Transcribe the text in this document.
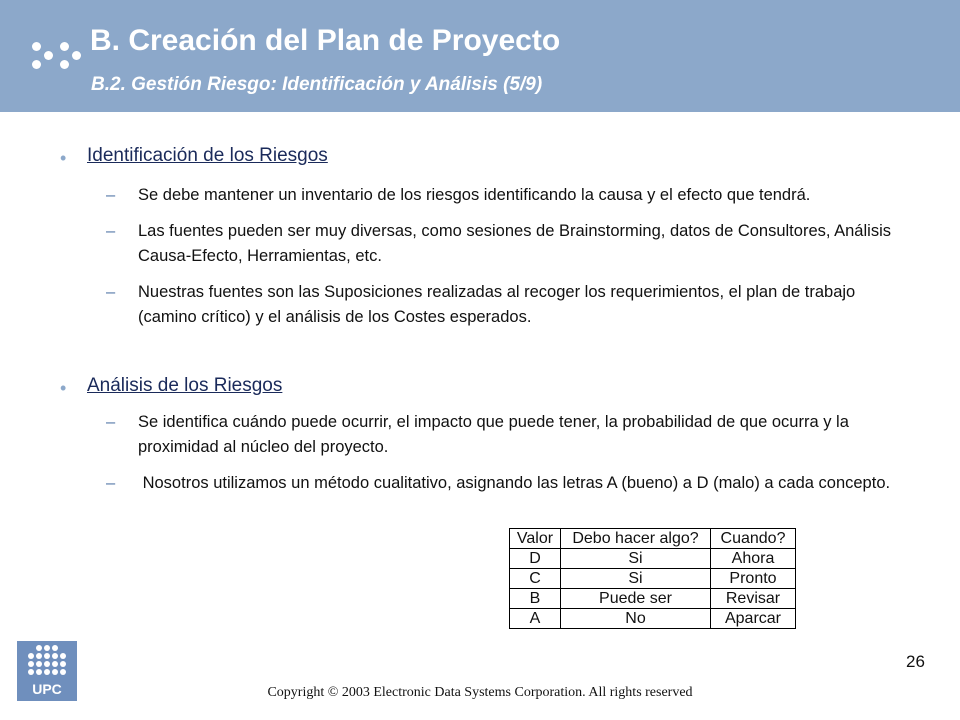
B. Creación del Plan de Proyecto
B.2. Gestión Riesgo: Identificación y Análisis (5/9)
• Identificación de los Riesgos
– Se debe mantener un inventario de los riesgos identificando la causa y el efecto que tendrá.
– Las fuentes pueden ser muy diversas, como sesiones de Brainstorming, datos de Consultores, Análisis Causa-Efecto, Herramientas, etc.
– Nuestras fuentes son las Suposiciones realizadas al recoger los requerimientos, el plan de trabajo (camino crítico) y el análisis de los Costes esperados.
• Análisis de los Riesgos
– Se identifica cuándo puede ocurrir, el impacto que puede tener, la probabilidad de que ocurra y la proximidad al núcleo del proyecto.
– Nosotros utilizamos un método cualitativo, asignando las letras A (bueno) a D (malo) a cada concepto.
Valor	Debo hacer algo?	Cuando?
D	Si	Ahora
C	Si	Pronto
B	Puede ser	Revisar
A	No	Aparcar
UPC
26
Copyright © 2003 Electronic Data Systems Corporation. All rights reserved
